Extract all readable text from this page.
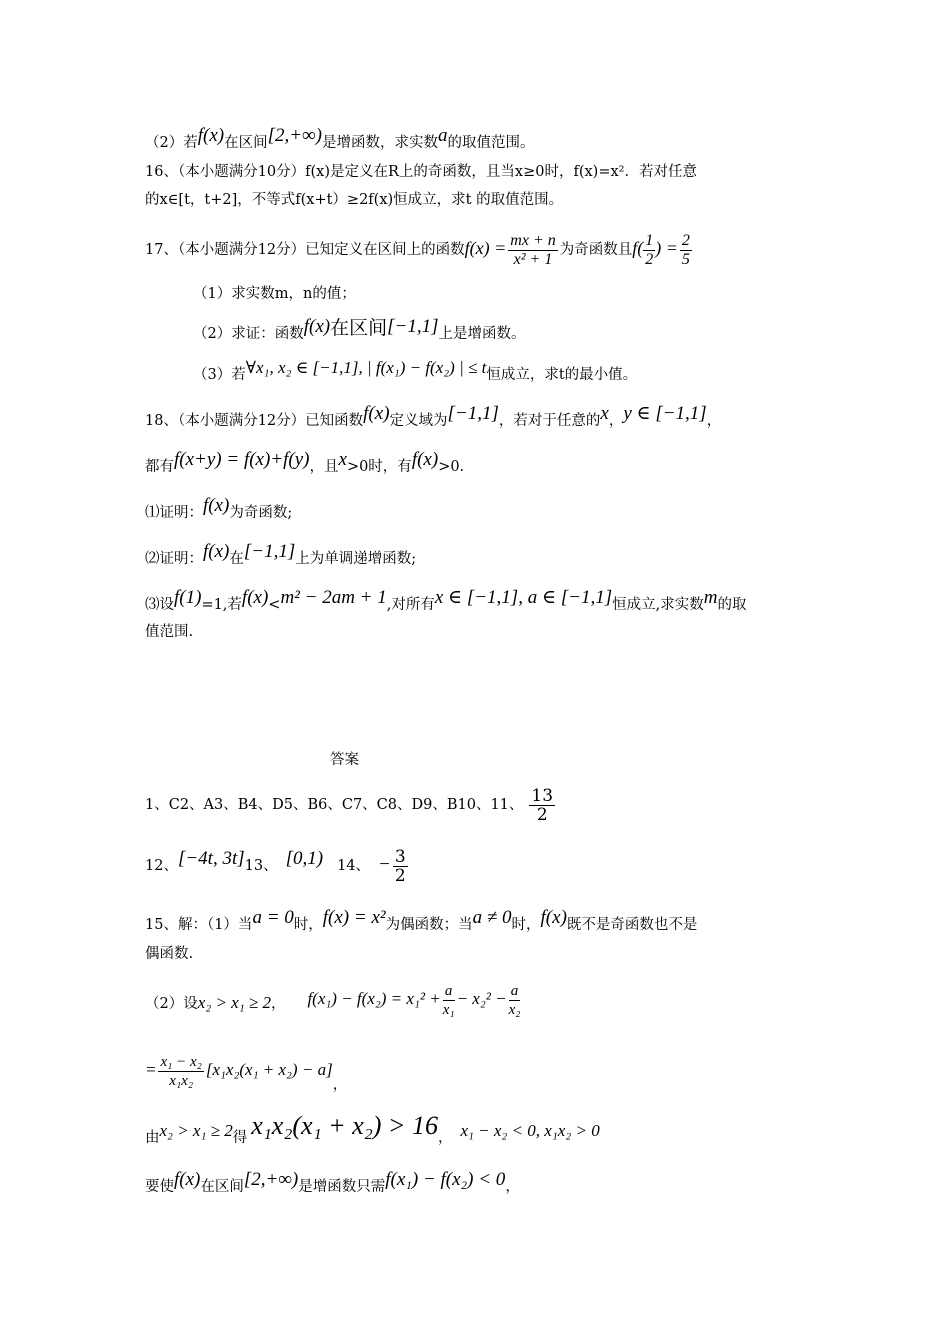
（2）若f(x)在区间[2,+∞)是增函数，求实数a的取值范围。
16、（本小题满分10分）f(x)是定义在R上的奇函数，且当x≥0时，f(x)=x²．若对任意
的x∈[t，t+2]，不等式f(x+t）≥2f(x)恒成立，求t 的取值范围。
17、（本小题满分12分）已知定义在区间上的函数$f(x) = \frac{mx + n}{\text{x² + 1}}$ 为奇函数且$f( \frac{1}{2}$ ) = $\frac{2}{5}$
（1）求实数m，n的值；
（2）求证：函数f(x)在区间[−1,1]上是增函数。
（3）若∀x₁, x₂ ∈ [−1,1], | f(x₁) − f(x₂) | ≤ t恒成立，求t的最小值。
18、（本小题满分12分）已知函数f(x)定义域为[−1,1]，若对于任意的x，y ∈ [−1,1]，
都有f(x+y) = f(x)+f(y)，且x>0时，有f(x)>0.
⑴证明：f(x)为奇函数;
⑵证明：f(x)在[−1,1]上为单调递增函数;
⑶设f(1)=1,若f(x)<m² − 2am + 1,对所有x ∈ [−1,1], a ∈ [−1,1]恒成立,求实数m的取
值范围.
答案
1、C2、A3、B4、D5、B6、C7、C8、D9、B10、11、 $\frac{13}{2}$
12、[−4t, 3t]13、 [0,1) 14、 − $\frac{3}{2}$
15、解：（1）当a = 0时，f(x) = x²为偶函数；当a ≠ 0时，f(x)既不是奇函数也不是
偶函数.
（2）设x₂ > x₁ ≥ 2， $f(x_1) - f(x_2) = x_1^2 + \frac{a}{\text{x₁}} - x_2^2 - \frac{a}{\text{x₂}}$
= $\frac{\text{x₁ − x₂}}{\text{x₁x₂}} [x_1x_2(x_1 + x_2) - a]$，
由x₂ > x₁ ≥ 2得 x₁x₂(x₁ + x₂) > 16， x₁ − x₂ < 0, x₁x₂ > 0
要使f(x)在区间[2,+∞)是增函数只需f(x₁) − f(x₂) < 0，
